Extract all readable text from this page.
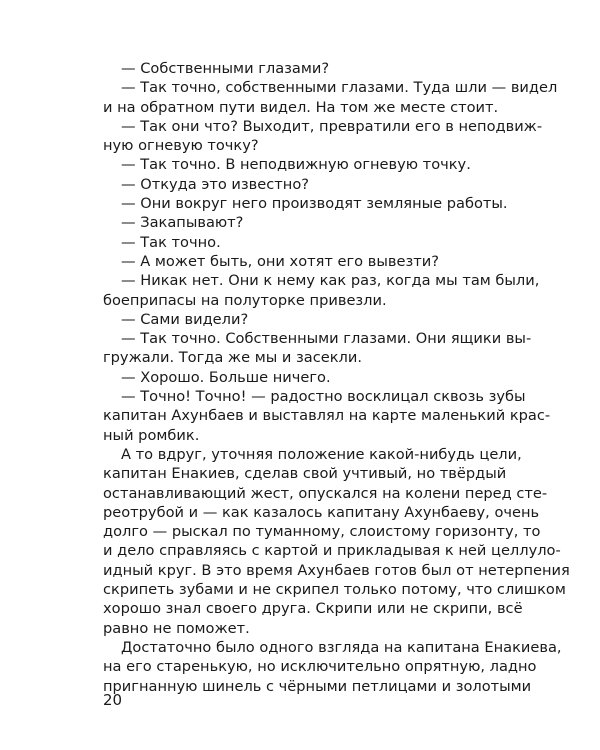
— Собственными глазами?
— Так точно, собственными глазами. Туда шли — видел
и на обратном пути видел. На том же месте стоит.
— Так они что? Выходит, превратили его в неподвиж-
ную огневую точку?
— Так точно. В неподвижную огневую точку.
— Откуда это известно?
— Они вокруг него производят земляные работы.
— Закапывают?
— Так точно.
— А может быть, они хотят его вывезти?
— Никак нет. Они к нему как раз, когда мы там были,
боеприпасы на полуторке привезли.
— Сами видели?
— Так точно. Собственными глазами. Они ящики вы-
гружали. Тогда же мы и засекли.
— Хорошо. Больше ничего.
— Точно! Точно! — радостно восклицал сквозь зубы
капитан Ахунбаев и выставлял на карте маленький крас-
ный ромбик.
А то вдруг, уточняя положение какой-нибудь цели,
капитан Енакиев, сделав свой учтивый, но твёрдый
останавливающий жест, опускался на колени перед сте-
реотрубой и — как казалось капитану Ахунбаеву, очень
долго — рыскал по туманному, слоистому горизонту, то
и дело справляясь с картой и прикладывая к ней целлуло-
идный круг. В это время Ахунбаев готов был от нетерпения
скрипеть зубами и не скрипел только потому, что слишком
хорошо знал своего друга. Скрипи или не скрипи, всё
равно не поможет.
Достаточно было одного взгляда на капитана Енакиева,
на его старенькую, но исключительно опрятную, ладно
пригнанную шинель с чёрными петлицами и золотыми
20
